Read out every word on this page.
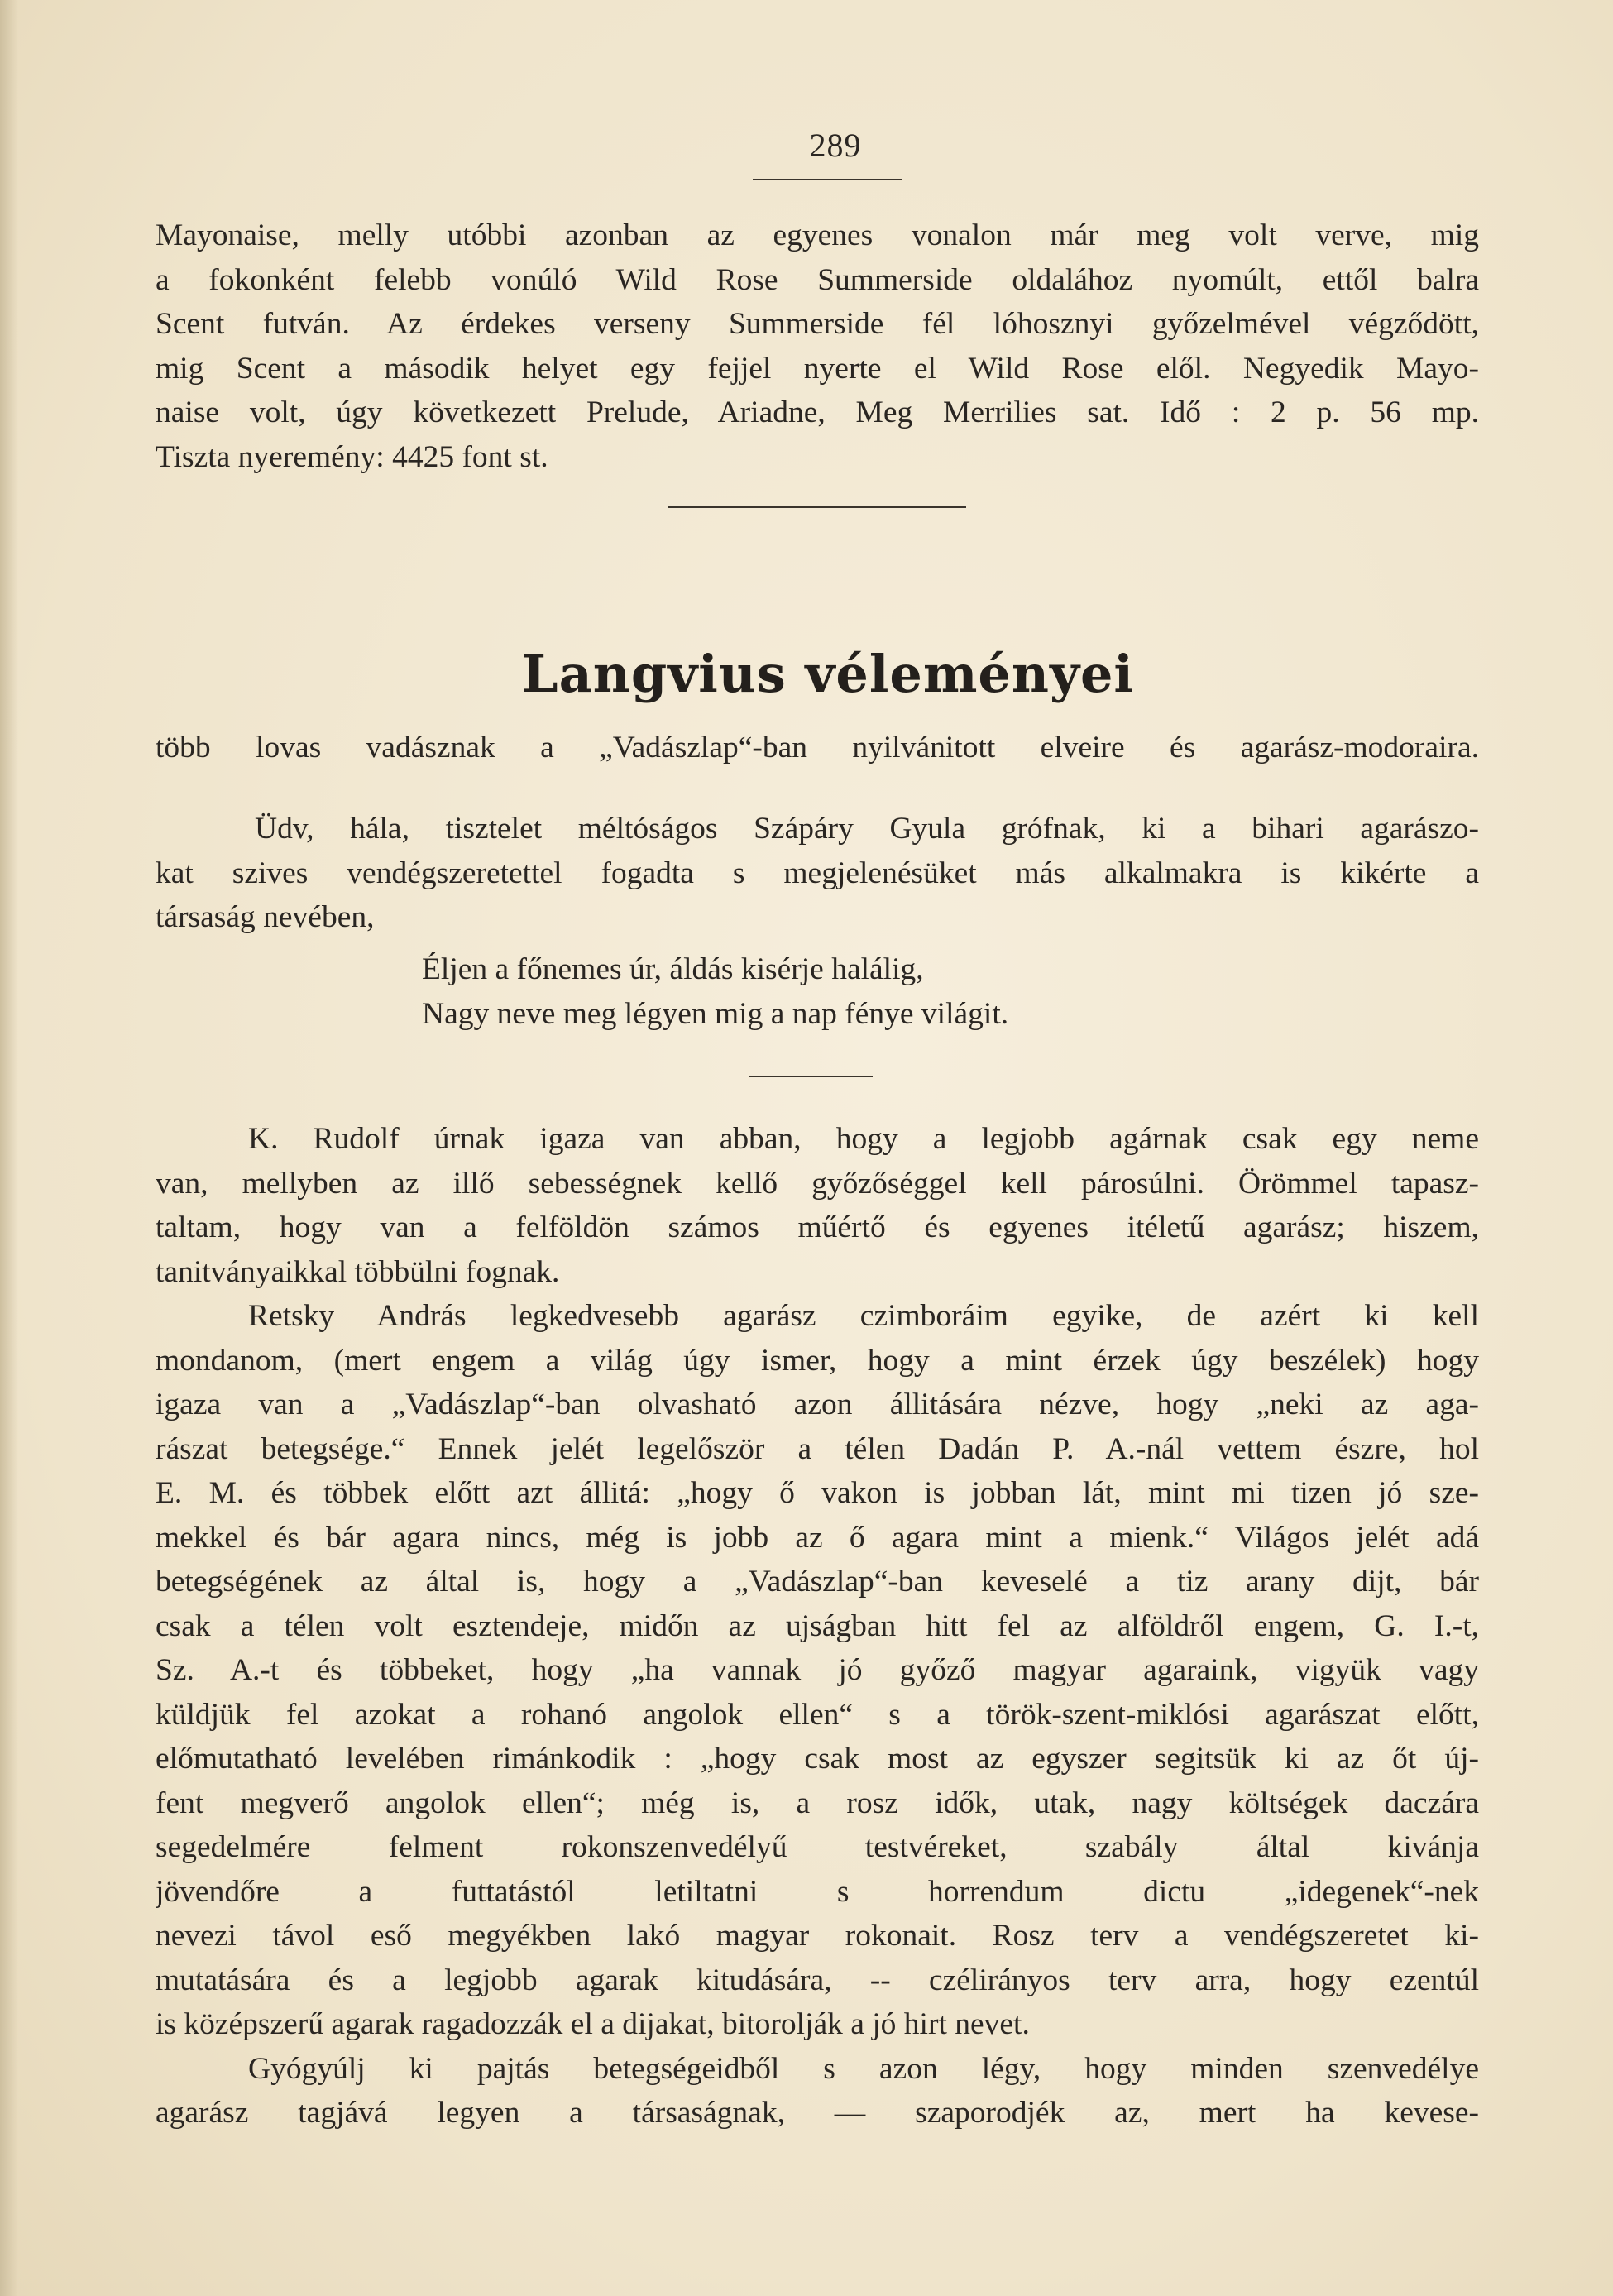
289
Mayonaise, melly utóbbi azonban az egyenes vonalon már meg volt verve, mig
a fokonként felebb vonúló Wild Rose Summerside oldalához nyomúlt, ettől balra
Scent futván. Az érdekes verseny Summerside fél lóhosznyi győzelmével végződött,
mig Scent a második helyet egy fejjel nyerte el Wild Rose elől. Negyedik Mayo-
naise volt, úgy következett Prelude, Ariadne, Meg Merrilies sat. Idő : 2 p. 56 mp.
Tiszta nyeremény: 4425 font st.
Langvius véleményei
több lovas vadásznak a „Vadászlap“-ban nyilvánitott elveire és agarász-modoraira.
Üdv, hála, tisztelet méltóságos Szápáry Gyula grófnak, ki a bihari agarászo-
kat szives vendégszeretettel fogadta s megjelenésüket más alkalmakra is kikérte a
társaság nevében,
Éljen a főnemes úr, áldás kisérje halálig,
Nagy neve meg légyen mig a nap fénye világit.
K. Rudolf úrnak igaza van abban, hogy a legjobb agárnak csak egy neme
van, mellyben az illő sebességnek kellő győzőséggel kell párosúlni. Örömmel tapasz-
taltam, hogy van a felföldön számos műértő és egyenes itéletű agarász; hiszem,
tanitványaikkal többülni fognak.
Retsky András legkedvesebb agarász czimboráim egyike, de azért ki kell
mondanom, (mert engem a világ úgy ismer, hogy a mint érzek úgy beszélek) hogy
igaza van a „Vadászlap“-ban olvasható azon állitására nézve, hogy „neki az aga-
rászat betegsége.“ Ennek jelét legelőször a télen Dadán P. A.-nál vettem észre, hol
E. M. és többek előtt azt állitá: „hogy ő vakon is jobban lát, mint mi tizen jó sze-
mekkel és bár agara nincs, még is jobb az ő agara mint a mienk.“ Világos jelét adá
betegségének az által is, hogy a „Vadászlap“-ban keveselé a tiz arany dijt, bár
csak a télen volt esztendeje, midőn az ujságban hitt fel az alföldről engem, G. I.-t,
Sz. A.-t és többeket, hogy „ha vannak jó győző magyar agaraink, vigyük vagy
küldjük fel azokat a rohanó angolok ellen“ s a török-szent-miklósi agarászat előtt,
előmutatható levelében rimánkodik : „hogy csak most az egyszer segitsük ki az őt új-
fent megverő angolok ellen“; még is, a rosz idők, utak, nagy költségek daczára
segedelmére felment rokonszenvedélyű testvéreket, szabály által kivánja
jövendőre a futtatástól letiltatni s horrendum dictu „idegenek“-nek
nevezi távol eső megyékben lakó magyar rokonait. Rosz terv a vendégszeretet ki-
mutatására és a legjobb agarak kitudására, -- czélirányos terv arra, hogy ezentúl
is középszerű agarak ragadozzák el a dijakat, bitorolják a jó hirt nevet.
Gyógyúlj ki pajtás betegségeidből s azon légy, hogy minden szenvedélye
agarász tagjává legyen a társaságnak, — szaporodjék az, mert ha kevese-
